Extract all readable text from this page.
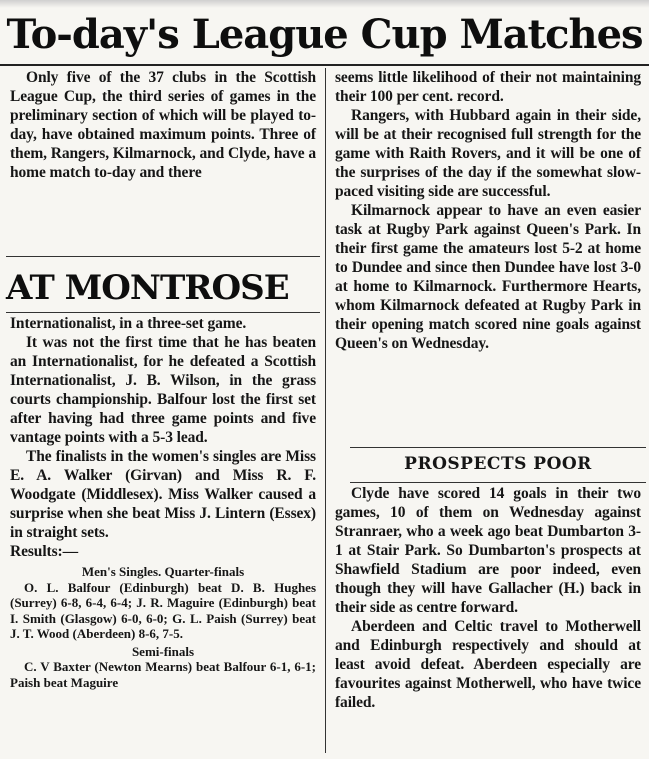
To-day's League Cup Matches

Only five of the 37 clubs in the Scottish League Cup, the third series of games in the preliminary section of which will be played to-day, have obtained maximum points. Three of them, Rangers, Kilmarnock, and Clyde, have a home match to-day and there

AT MONTROSE

Internationalist, in a three-set game.

It was not the first time that he has beaten an Internationalist, for he defeated a Scottish Internationalist, J. B. Wilson, in the grass courts championship. Balfour lost the first set after having had three game points and five vantage points with a 5-3 lead.

The finalists in the women's singles are Miss E. A. Walker (Girvan) and Miss R. F. Woodgate (Middlesex). Miss Walker caused a surprise when she beat Miss J. Lintern (Essex) in straight sets.

Results:—

Men's Singles. Quarter-finals

O. L. Balfour (Edinburgh) beat D. B. Hughes (Surrey) 6-8, 6-4, 6-4; J. R. Maguire (Edinburgh) beat I. Smith (Glasgow) 6-0, 6-0; G. L. Paish (Surrey) beat J. T. Wood (Aberdeen) 8-6, 7-5.

Semi-finals

C. V Baxter (Newton Mearns) beat Balfour 6-1, 6-1; Paish beat Maguire

seems little likelihood of their not maintaining their 100 per cent. record.

Rangers, with Hubbard again in their side, will be at their recognised full strength for the game with Raith Rovers, and it will be one of the surprises of the day if the somewhat slow-paced visiting side are successful.

Kilmarnock appear to have an even easier task at Rugby Park against Queen's Park. In their first game the amateurs lost 5-2 at home to Dundee and since then Dundee have lost 3-0 at home to Kilmarnock. Furthermore Hearts, whom Kilmarnock defeated at Rugby Park in their opening match scored nine goals against Queen's on Wednesday.

PROSPECTS POOR

Clyde have scored 14 goals in their two games, 10 of them on Wednesday against Stranraer, who a week ago beat Dumbarton 3-1 at Stair Park. So Dumbarton's prospects at Shawfield Stadium are poor indeed, even though they will have Gallacher (H.) back in their side as centre forward.

Aberdeen and Celtic travel to Motherwell and Edinburgh respectively and should at least avoid defeat. Aberdeen especially are favourites against Motherwell, who have twice failed.
